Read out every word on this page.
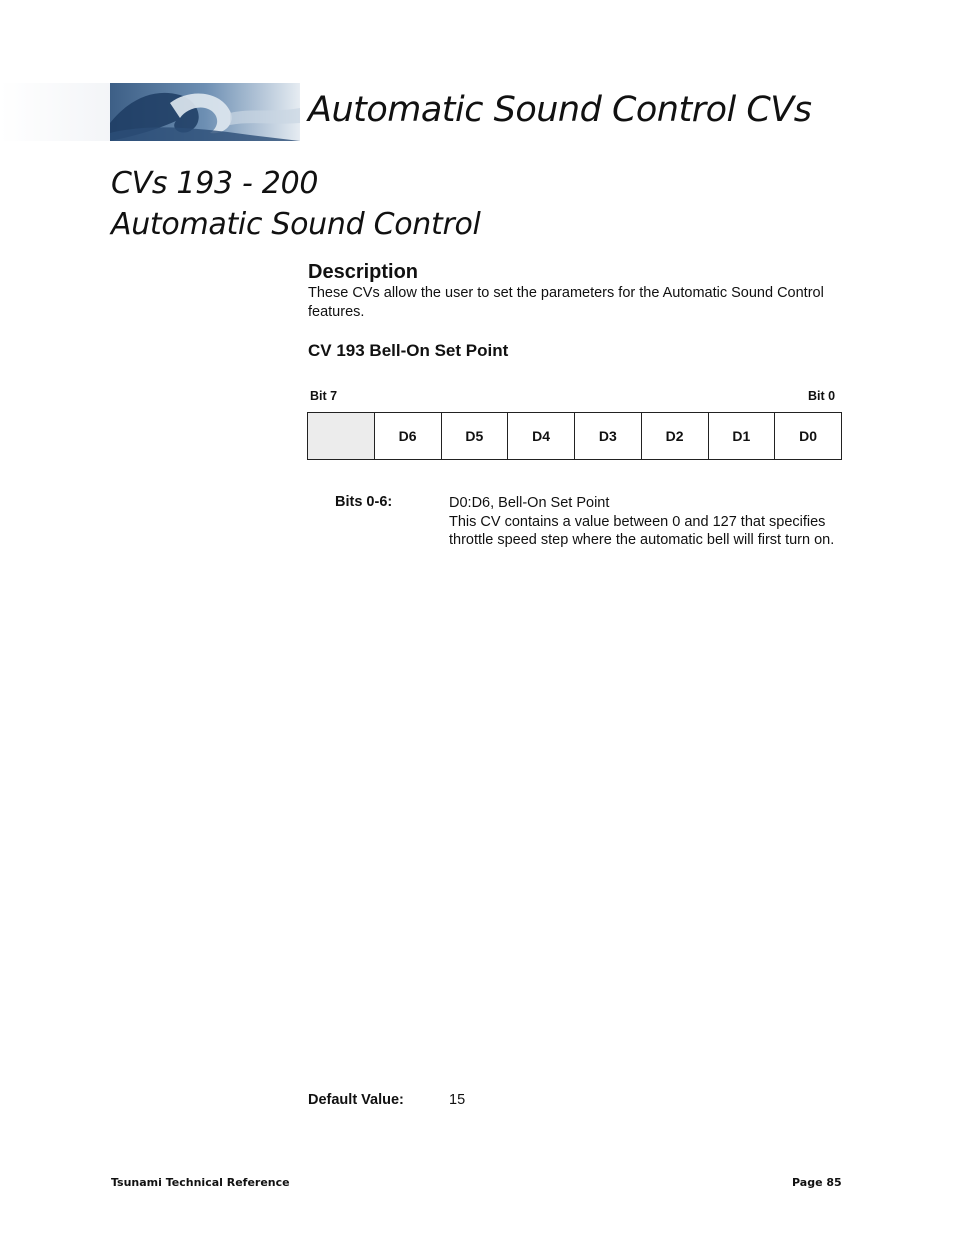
Automatic Sound Control CVs
CVs 193 - 200
Automatic Sound Control
Description
These CVs allow the user to set the parameters for the Automatic Sound Control features.
CV 193 Bell-On Set Point
Bit 7	Bit 0
	D6	D5	D4	D3	D2	D1	D0
Bits 0-6:	D0:D6, Bell-On Set Point
This CV contains a value between 0 and 127 that specifies throttle speed step where the automatic bell will first turn on.
Default Value:	15
Tsunami Technical Reference	Page 85
